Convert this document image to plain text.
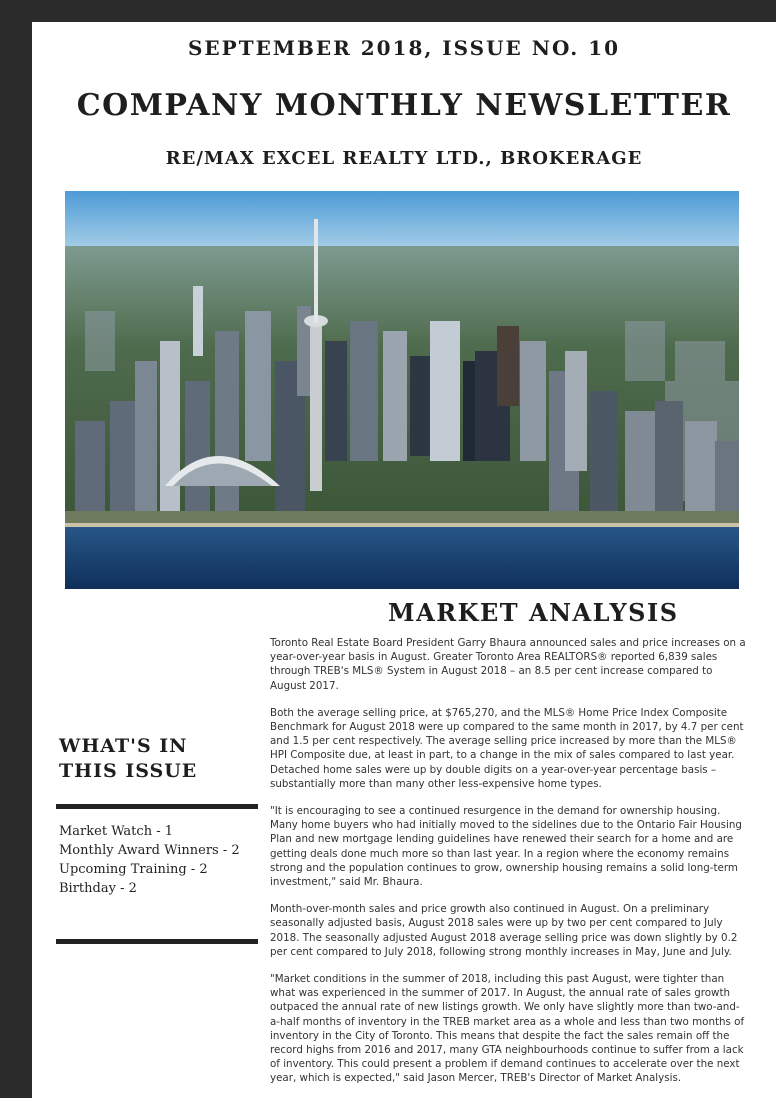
SEPTEMBER 2018, ISSUE NO. 10
COMPANY MONTHLY NEWSLETTER
RE/MAX EXCEL REALTY LTD., BROKERAGE
MARKET ANALYSIS

Toronto Real Estate Board President Garry Bhaura announced sales and price increases on a year-over-year basis in August. Greater Toronto Area REALTORS® reported 6,839 sales through TREB's MLS® System in August 2018 – an 8.5 per cent increase compared to August 2017.

Both the average selling price, at $765,270, and the MLS® Home Price Index Composite Benchmark for August 2018 were up compared to the same month in 2017, by 4.7 per cent and 1.5 per cent respectively. The average selling price increased by more than the MLS® HPI Composite due, at least in part, to a change in the mix of sales compared to last year. Detached home sales were up by double digits on a year-over-year percentage basis – substantially more than many other less-expensive home types.

"It is encouraging to see a continued resurgence in the demand for ownership housing. Many home buyers who had initially moved to the sidelines due to the Ontario Fair Housing Plan and new mortgage lending guidelines have renewed their search for a home and are getting deals done much more so than last year. In a region where the economy remains strong and the population continues to grow, ownership housing remains a solid long-term investment," said Mr. Bhaura.

Month-over-month sales and price growth also continued in August. On a preliminary seasonally adjusted basis, August 2018 sales were up by two per cent compared to July 2018. The seasonally adjusted August 2018 average selling price was down slightly by 0.2 per cent compared to July 2018, following strong monthly increases in May, June and July.

"Market conditions in the summer of 2018, including this past August, were tighter than what was experienced in the summer of 2017. In August, the annual rate of sales growth outpaced the annual rate of new listings growth. We only have slightly more than two-and-a-half months of inventory in the TREB market area as a whole and less than two months of inventory in the City of Toronto. This means that despite the fact the sales remain off the record highs from 2016 and 2017, many GTA neighbourhoods continue to suffer from a lack of inventory. This could present a problem if demand continues to accelerate over the next year, which is expected," said Jason Mercer, TREB's Director of Market Analysis.

WHAT'S IN
THIS ISSUE
Market Watch - 1
Monthly Award Winners - 2
Upcoming Training - 2
Birthday - 2
